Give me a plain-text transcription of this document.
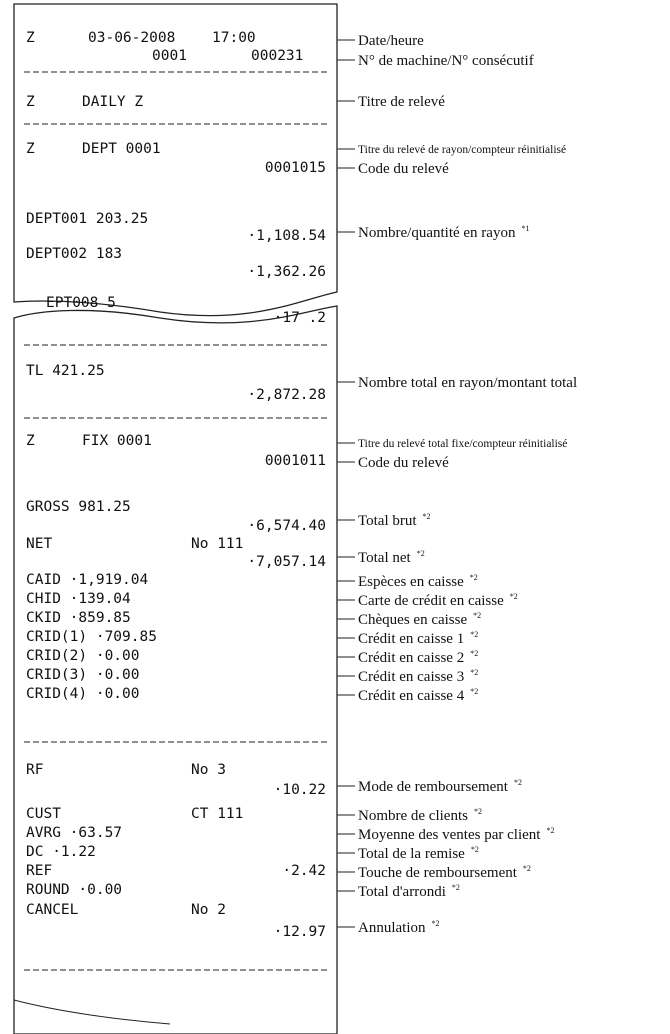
Z	03-06-2008	17:00
0001	000231
Z	DAILY Z
Z	DEPT 0001
0001015
DEPT001 203.25
·1,108.54
DEPT002 183
·1,362.26
EPT008 5
·17 .2
TL 421.25
·2,872.28
Z	FIX 0001
0001011
GROSS 981.25
·6,574.40
NET	No 111
·7,057.14
CAID ·1,919.04
CHID ·139.04
CKID ·859.85
CRID(1) ·709.85
CRID(2) ·0.00
CRID(3) ·0.00
CRID(4) ·0.00
RF	No 3
·10.22
CUST	CT 111
AVRG ·63.57
DC ·1.22
REF	·2.42
ROUND ·0.00
CANCEL	No 2
·12.97
Date/heure
N° de machine/N° consécutif
Titre de relevé
Titre du relevé de rayon/compteur réinitialisé
Code du relevé
Nombre/quantité en rayon $^{*1}$
Nombre total en rayon/montant total
Titre du relevé total fixe/compteur réinitialisé
Code du relevé
Total brut $^{*2}$
Total net $^{*2}$
Espèces en caisse $^{*2}$
Carte de crédit en caisse $^{*2}$
Chèques en caisse $^{*2}$
Crédit en caisse 1 $^{*2}$
Crédit en caisse 2 $^{*2}$
Crédit en caisse 3 $^{*2}$
Crédit en caisse 4 $^{*2}$
Mode de remboursement $^{*2}$
Nombre de clients $^{*2}$
Moyenne des ventes par client $^{*2}$
Total de la remise $^{*2}$
Touche de remboursement $^{*2}$
Total d'arrondi $^{*2}$
Annulation $^{*2}$
